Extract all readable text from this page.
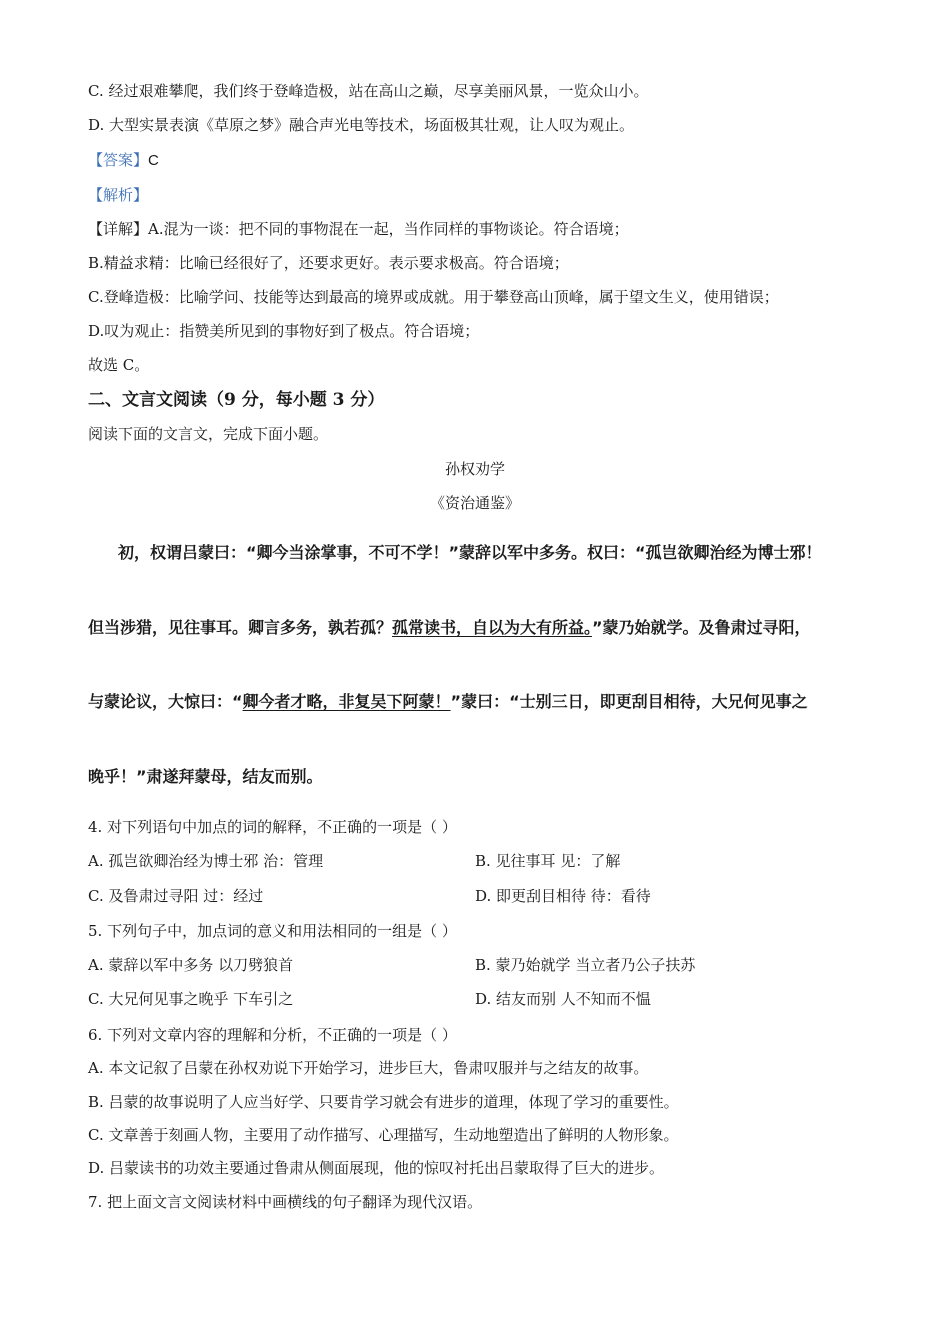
C. 经过艰难攀爬，我们终于登峰造极，站在高山之巅，尽享美丽风景，一览众山小。
D. 大型实景表演《草原之梦》融合声光电等技术，场面极其壮观，让人叹为观止。
【答案】C
【解析】
【详解】A.混为一谈：把不同的事物混在一起，当作同样的事物谈论。符合语境；
B.精益求精：比喻已经很好了，还要求更好。表示要求极高。符合语境；
C.登峰造极：比喻学问、技能等达到最高的境界或成就。用于攀登高山顶峰，属于望文生义，使用错误；
D.叹为观止：指赞美所见到的事物好到了极点。符合语境；
故选 C。
二、文言文阅读（9 分，每小题 3 分）
阅读下面的文言文，完成下面小题。
孙权劝学
《资治通鉴》
初，权谓吕蒙曰：“卿今当涂掌事，不可不学！”蒙辞以军中多务。权曰：“孤岂欲卿治经为博士邪！
但当涉猎，见往事耳。卿言多务，孰若孤？孤常读书，自以为大有所益。”蒙乃始就学。及鲁肃过寻阳，
与蒙论议，大惊曰：“卿今者才略，非复吴下阿蒙！”蒙曰：“士别三日，即更刮目相待，大兄何见事之
晚乎！”肃遂拜蒙母，结友而别。
4. 对下列语句中加点的词的解释，不正确的一项是（ ）
A. 孤岂欲卿治经为博士邪 治：管理	B. 见往事耳 见：了解
C. 及鲁肃过寻阳 过：经过	D. 即更刮目相待 待：看待
5. 下列句子中，加点词的意义和用法相同的一组是（ ）
A. 蒙辞以军中多务 以刀劈狼首	B. 蒙乃始就学 当立者乃公子扶苏
C. 大兄何见事之晚乎 下车引之	D. 结友而别 人不知而不愠
6. 下列对文章内容的理解和分析，不正确的一项是（ ）
A. 本文记叙了吕蒙在孙权劝说下开始学习，进步巨大，鲁肃叹服并与之结友的故事。
B. 吕蒙的故事说明了人应当好学、只要肯学习就会有进步的道理，体现了学习的重要性。
C. 文章善于刻画人物，主要用了动作描写、心理描写，生动地塑造出了鲜明的人物形象。
D. 吕蒙读书的功效主要通过鲁肃从侧面展现，他的惊叹衬托出吕蒙取得了巨大的进步。
7. 把上面文言文阅读材料中画横线的句子翻译为现代汉语。
